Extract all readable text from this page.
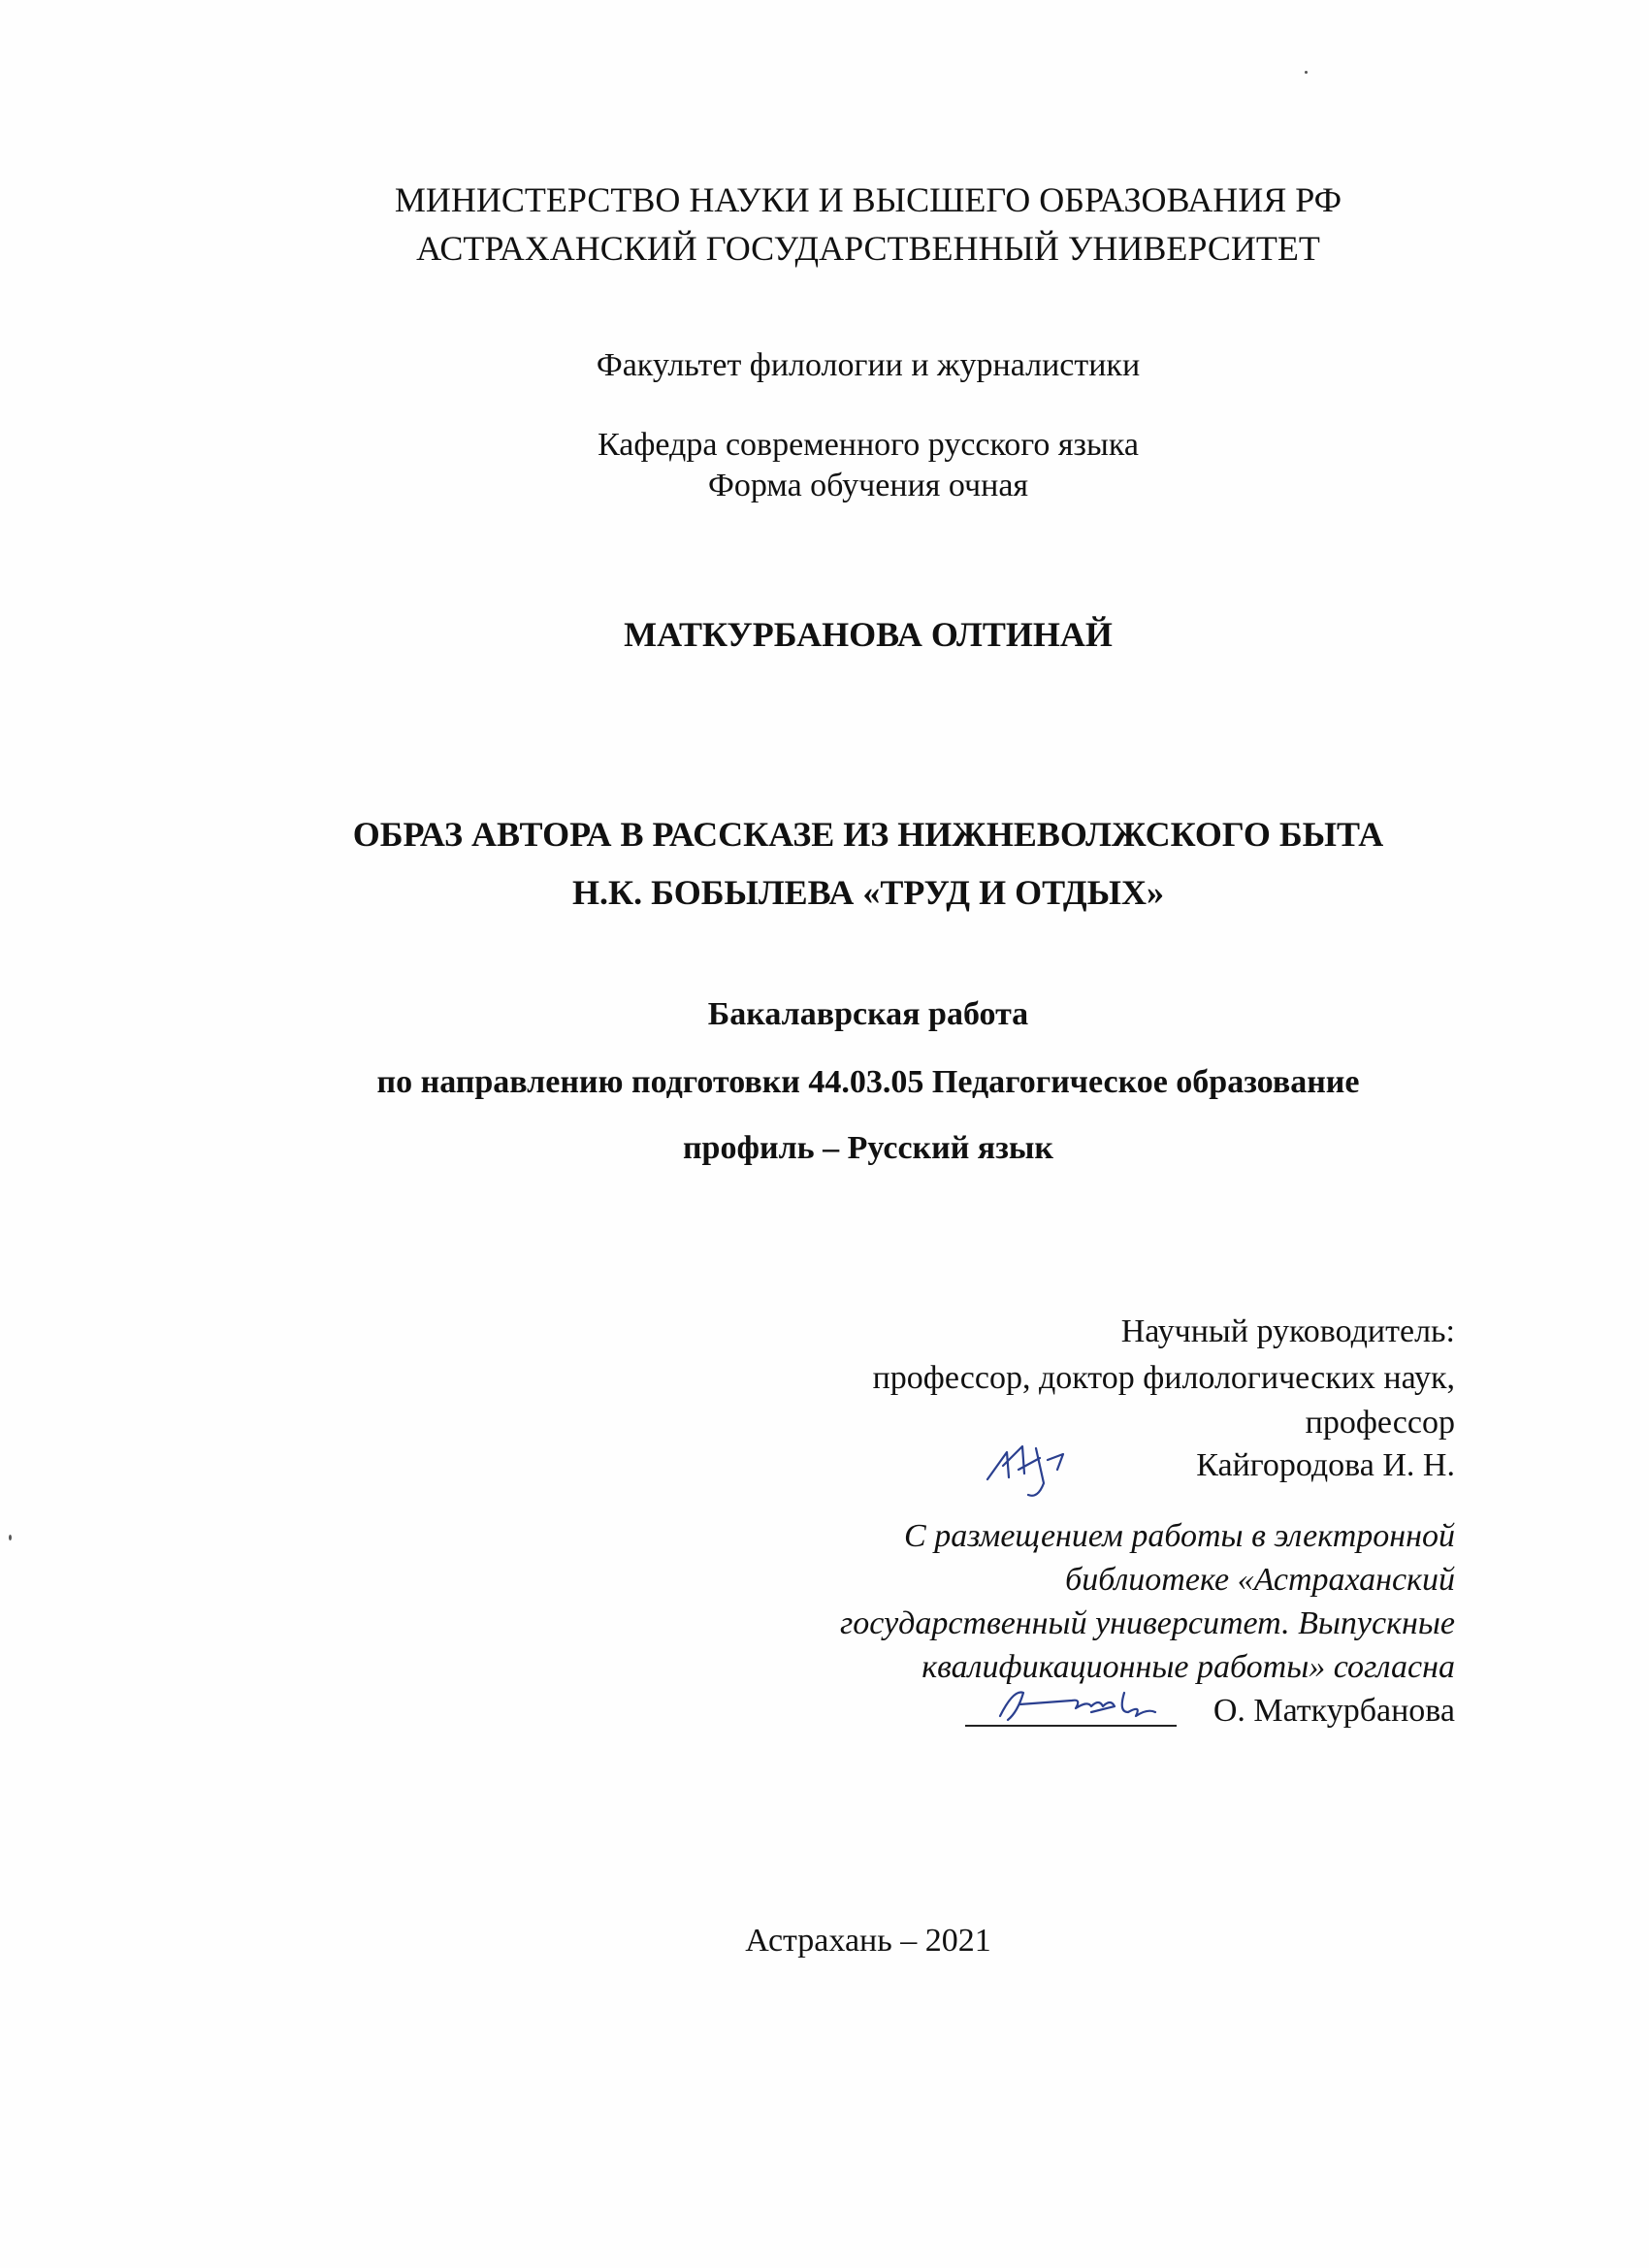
МИНИСТЕРСТВО НАУКИ И ВЫСШЕГО ОБРАЗОВАНИЯ РФ
АСТРАХАНСКИЙ ГОСУДАРСТВЕННЫЙ УНИВЕРСИТЕТ
Факультет филологии и журналистики
Кафедра современного русского языка
Форма обучения очная
МАТКУРБАНОВА ОЛТИНАЙ
ОБРАЗ АВТОРА В РАССКАЗЕ ИЗ НИЖНЕВОЛЖСКОГО БЫТА
Н.К. БОБЫЛЕВА «ТРУД И ОТДЫХ»
Бакалаврская работа
по направлению подготовки 44.03.05 Педагогическое образование
профиль – Русский язык
Научный руководитель:
профессор, доктор филологических наук,
профессор
Кайгородова И. Н.
С размещением работы в электронной
библиотеке «Астраханский
государственный университет. Выпускные
квалификационные работы» согласна
О. Маткурбанова
Астрахань – 2021
